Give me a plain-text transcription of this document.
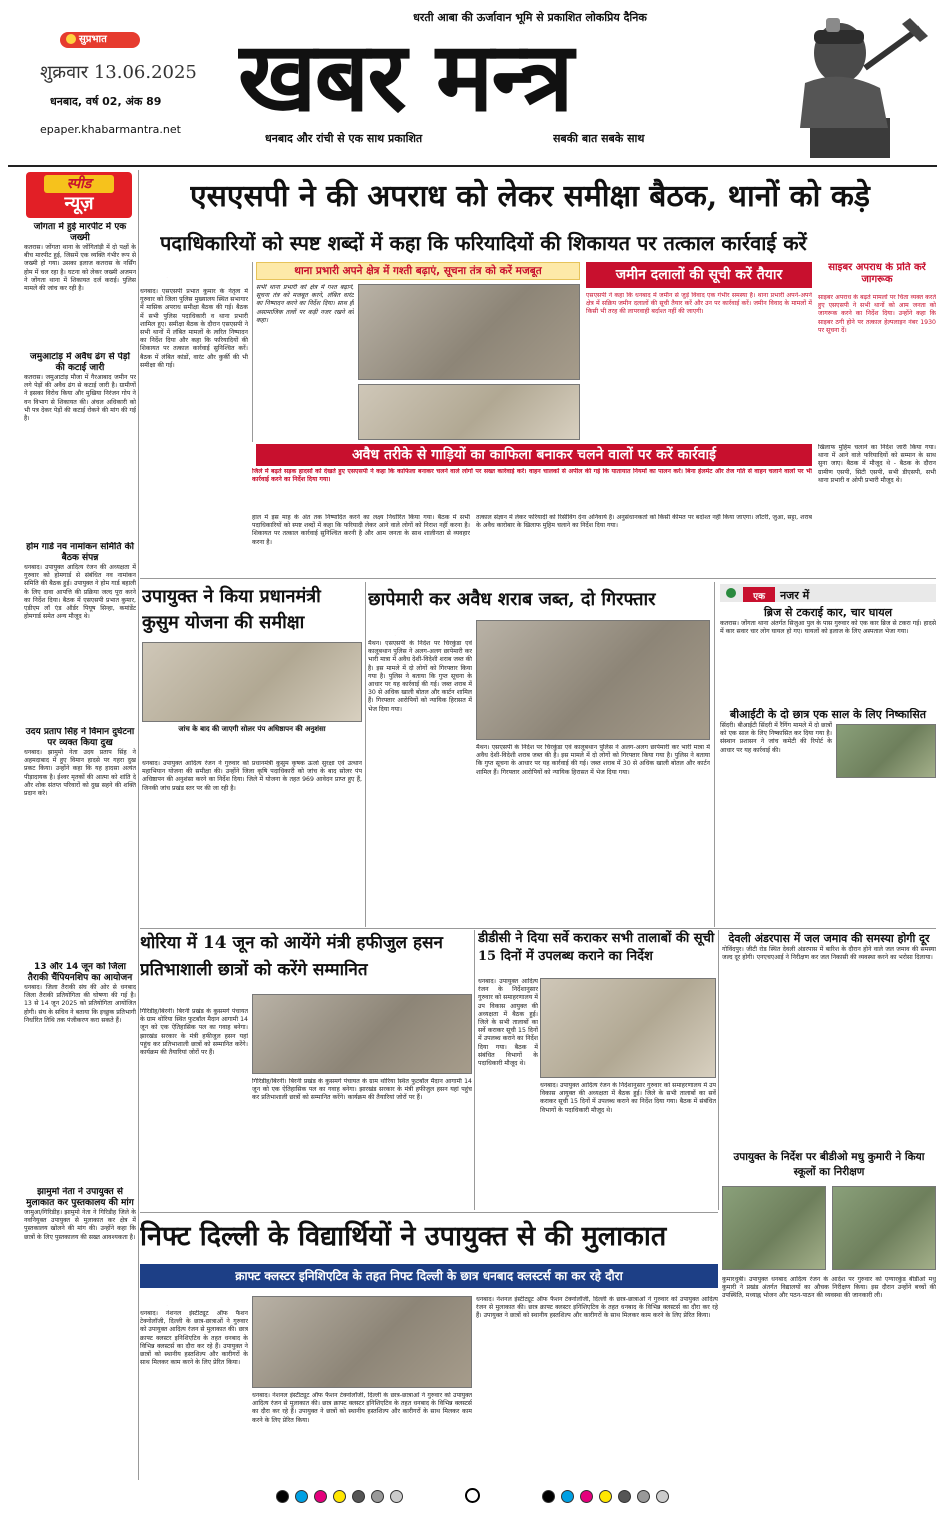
धरती आबा की ऊर्जावान भूमि से प्रकाशित लोकप्रिय दैनिक
सुप्रभात
शुक्रवार 13.06.2025
धनबाद, वर्ष 02, अंक 89
epaper.khabarmantra.net खबर मन्त्र
धनबाद और रांची से एक साथ प्रकाशित	सबकी बात सबके साथ
स्पीड
न्यूज़
जोंगता में हुई मारपीट में एक जख्मी
कतरास। जोंगता थाना के जोंगितांड़ी में दो पक्षों के बीच मारपीट हुई, जिसमें एक व्यक्ति गंभीर रूप से जख्मी हो गया। उसका इलाज कतरास के नर्सिंग होम में चल रहा है। घटना को लेकर जख्मी अजमन ने जोंगता थाना में शिकायत दर्ज कराई। पुलिस मामले की जांच कर रही है।
जमुआटांड़ में अवैध ढंग से पेड़ों की कटाई जारी
कतरास। जमुआटांड़ मौजा में गैरआबाद जमीन पर लगे पेड़ों की अवैध ढंग से कटाई जारी है। ग्रामीणों ने इसका विरोध किया और मुखिया निरंजन गोप ने वन विभाग से शिकायत की। अंचल अधिकारी को भी पत्र देकर पेड़ों की कटाई रोकने की मांग की गई है।
होम गार्ड नव नामांकन समिति की बैठक संपन्न
धनबाद। उपायुक्त आदित्य रंजन की अध्यक्षता में गुरुवार को होमगार्ड से संबंधित नव नामांकन समिति की बैठक हुई। उपायुक्त ने होम गार्ड बहाली के लिए दावा आपत्ति की प्रक्रिया जल्द पूरा करने का निर्देश दिया। बैठक में एसएसपी प्रभात कुमार, एडीएम लॉ एंड ऑर्डर पियूष सिन्हा, कमांडेंट होमगार्ड समेत अन्य मौजूद थे।
उदय प्रताप सिंह ने विमान दुर्घटना पर व्यक्त किया दुख
धनबाद। झामुमो नेता उदय प्रताप सिंह ने अहमदाबाद में हुए विमान हादसे पर गहरा दुख प्रकट किया। उन्होंने कहा कि यह हादसा अत्यंत पीड़ादायक है। ईश्वर मृतकों की आत्मा को शांति दे और शोक संतप्त परिवारों को दुख सहने की शक्ति प्रदान करे।
13 और 14 जून को जिला तैराकी चैंपियनशिप का आयोजन
धनबाद। जिला तैराकी संघ की ओर से धनबाद जिला तैराकी प्रतियोगिता की घोषणा की गई है। 13 से 14 जून 2025 को प्रतियोगिता आयोजित होगी। संघ के सचिव ने बताया कि इच्छुक प्रतिभागी निर्धारित तिथि तक पंजीकरण करा सकते हैं।
झामुमो नेता ने उपायुक्त से मुलाकात कर पुस्तकालय की मांग
जामुआ/गिरिडीह। झामुमो नेता ने गिरिडीह जिले के नवनियुक्त उपायुक्त से मुलाकात कर क्षेत्र में पुस्तकालय खोलने की मांग की। उन्होंने कहा कि छात्रों के लिए पुस्तकालय की सख्त आवश्यकता है।
एसएसपी ने की अपराध को लेकर समीक्षा बैठक, थानों को कड़े
पदाधिकारियों को स्पष्ट शब्दों में कहा कि फरियादियों की शिकायत पर तत्काल कार्रवाई करें
धनबाद। एसएसपी प्रभात कुमार के नेतृत्व में गुरुवार को जिला पुलिस मुख्यालय स्थित सभागार में मासिक अपराध समीक्षा बैठक की गई। बैठक में सभी पुलिस पदाधिकारी व थाना प्रभारी शामिल हुए। समीक्षा बैठक के दौरान एसएसपी ने सभी थानों में लंबित मामलों के त्वरित निष्पादन का निर्देश दिया और कहा कि फरियादियों की शिकायत पर तत्काल कार्रवाई सुनिश्चित करें। बैठक में लंबित कांडों, वारंट और कुर्की की भी समीक्षा की गई।
थाना प्रभारी अपने क्षेत्र में गश्ती बढ़ाएं, सूचना तंत्र को करें मजबूत
सभी थाना प्रभारी को क्षेत्र में गश्त बढ़ाने, सूचना तंत्र को मजबूत करने, लंबित वारंट का निष्पादन करने का निर्देश दिया। साथ ही असामाजिक तत्वों पर कड़ी नजर रखने को कहा।
जमीन दलालों की सूची करें तैयार
एसएसपी ने कहा कि धनबाद में जमीन से जुड़े विवाद एक गंभीर समस्या है। थाना प्रभारी अपने-अपने क्षेत्र में सक्रिय जमीन दलालों की सूची तैयार करें और उन पर कार्रवाई करें। जमीन विवाद के मामलों में किसी भी तरह की लापरवाही बर्दाश्त नहीं की जाएगी।
साइबर अपराध के प्रति करें जागरूक
साइबर अपराध के बढ़ते मामलों पर चिंता व्यक्त करते हुए एसएसपी ने सभी थानों को आम जनता को जागरूक करने का निर्देश दिया। उन्होंने कहा कि साइबर ठगी होने पर तत्काल हेल्पलाइन नंबर 1930 पर सूचना दें।
अवैध तरीके से गाड़ियों का काफिला बनाकर चलने वालों पर करें कार्रवाई
जिले में बढ़ते सड़क हादसों को देखते हुए एसएसपी ने कहा कि काफिला बनाकर चलने वाले लोगों पर सख्त कार्रवाई करें। वाहन चालकों से अपील की गई कि यातायात नियमों का पालन करें। बिना हेलमेट और तेज गति से वाहन चलाने वालों पर भी कार्रवाई करने का निर्देश दिया गया।
हाल में इस माह के अंत तक निष्पादित करने का लक्ष्य निर्धारित किया गया। बैठक में सभी पदाधिकारियों को स्पष्ट शब्दों में कहा कि फरियादी लेकर आने वाले लोगों को निराश नहीं करना है। शिकायत पर तत्काल कार्रवाई सुनिश्चित करनी है और आम जनता के साथ शालीनता से व्यवहार करना है।
तत्काल संज्ञान में लेकर फरियादी को रिसीविंग देना अनिवार्य है। अनुसंधानकर्ता को किसी कीमत पर बर्दाश्त नहीं किया जाएगा। लॉटरी, जुआ, सट्टा, शराब के अवैध कारोबार के खिलाफ मुहिम चलाने का निर्देश दिया गया।
खिलाफ मुहिम चलाने का निर्देश जारी किया गया। थाना में आने वाले फरियादियों को सम्मान के साथ सुना जाए। बैठक में मौजूद थे - बैठक के दौरान ग्रामीण एसपी, सिटी एसपी, सभी डीएसपी, सभी थाना प्रभारी व ओपी प्रभारी मौजूद थे।
उपायुक्त ने किया प्रधानमंत्री कुसुम योजना की समीक्षा
जांच के बाद की जाएगी सोलर पंप अधिष्ठापन की अनुशंसा
धनबाद। उपायुक्त आदित्य रंजन ने गुरुवार को प्रधानमंत्री कुसुम कृषक ऊर्जा सुरक्षा एवं उत्थान महाभियान योजना की समीक्षा की। उन्होंने जिला कृषि पदाधिकारी को जांच के बाद सोलर पंप अधिष्ठापन की अनुशंसा करने का निर्देश दिया। जिले में योजना के तहत 969 आवेदन प्राप्त हुए हैं, जिनकी जांच प्रखंड स्तर पर की जा रही है।
छापेमारी कर अवैध शराब जब्त, दो गिरफ्तार
मैथन। एसएसपी के निर्देश पर चिरकुंडा एवं कालूबथान पुलिस ने अलग-अलग छापेमारी कर भारी मात्रा में अवैध देशी-विदेशी शराब जब्त की है। इस मामले में दो लोगों को गिरफ्तार किया गया है। पुलिस ने बताया कि गुप्त सूचना के आधार पर यह कार्रवाई की गई। जब्त शराब में 30 से अधिक खाली बोतल और कार्टन शामिल हैं। गिरफ्तार आरोपियों को न्यायिक हिरासत में भेज दिया गया।
मैथन। एसएसपी के निर्देश पर चिरकुंडा एवं कालूबथान पुलिस ने अलग-अलग छापेमारी कर भारी मात्रा में अवैध देशी-विदेशी शराब जब्त की है। इस मामले में दो लोगों को गिरफ्तार किया गया है। पुलिस ने बताया कि गुप्त सूचना के आधार पर यह कार्रवाई की गई। जब्त शराब में 30 से अधिक खाली बोतल और कार्टन शामिल हैं। गिरफ्तार आरोपियों को न्यायिक हिरासत में भेज दिया गया।
एक नजर में
ब्रिज से टकराई कार, चार घायल
कतरास। जोंगता थाना अंतर्गत सिजुआ पुल के पास गुरुवार को एक कार ब्रिज से टकरा गई। हादसे में कार सवार चार लोग घायल हो गए। घायलों को इलाज के लिए अस्पताल भेजा गया।
बीआईटी के दो छात्र एक साल के लिए निष्कासित
सिंदरी। बीआईटी सिंदरी में रैगिंग मामले में दो छात्रों को एक साल के लिए निष्कासित कर दिया गया है। संस्थान प्रशासन ने जांच कमेटी की रिपोर्ट के आधार पर यह कार्रवाई की।
थोरिया में 14 जून को आयेंगे मंत्री हफीजुल हसन प्रतिभाशाली छात्रों को करेंगे सम्मानित
गिरिडीह/बिरनी। बिरनी प्रखंड के कुसमर्ग पंचायत के ग्राम थोरिया स्थित फुटबॉल मैदान आगामी 14 जून को एक ऐतिहासिक पल का गवाह बनेगा। झारखंड सरकार के मंत्री हफीजुल हसन यहां पहुंच कर प्रतिभाशाली छात्रों को सम्मानित करेंगे। कार्यक्रम की तैयारियां जोरों पर हैं।
गिरिडीह/बिरनी। बिरनी प्रखंड के कुसमर्ग पंचायत के ग्राम थोरिया स्थित फुटबॉल मैदान आगामी 14 जून को एक ऐतिहासिक पल का गवाह बनेगा। झारखंड सरकार के मंत्री हफीजुल हसन यहां पहुंच कर प्रतिभाशाली छात्रों को सम्मानित करेंगे। कार्यक्रम की तैयारियां जोरों पर हैं।
डीडीसी ने दिया सर्वे कराकर सभी तालाबों की सूची 15 दिनों में उपलब्ध कराने का निर्देश
धनबाद। उपायुक्त आदित्य रंजन के निर्देशानुसार गुरुवार को समाहरणालय में उप विकास आयुक्त की अध्यक्षता में बैठक हुई। जिले के सभी तालाबों का सर्वे कराकर सूची 15 दिनों में उपलब्ध कराने का निर्देश दिया गया। बैठक में संबंधित विभागों के पदाधिकारी मौजूद थे।
धनबाद। उपायुक्त आदित्य रंजन के निर्देशानुसार गुरुवार को समाहरणालय में उप विकास आयुक्त की अध्यक्षता में बैठक हुई। जिले के सभी तालाबों का सर्वे कराकर सूची 15 दिनों में उपलब्ध कराने का निर्देश दिया गया। बैठक में संबंधित विभागों के पदाधिकारी मौजूद थे।
देवली अंडरपास में जल जमाव की समस्या होगी दूर
गोविंदपुर। जीटी रोड स्थित देवली अंडरपास में बारिश के दौरान होने वाले जल जमाव की समस्या जल्द दूर होगी। एनएचएआई ने निरीक्षण कर जल निकासी की व्यवस्था करने का भरोसा दिलाया।
उपायुक्त के निर्देश पर बीडीओ मधु कुमारी ने किया स्कूलों का निरीक्षण
कुमारधुबी। उपायुक्त धनबाद आदित्य रंजन के आदेश पर गुरुवार को एग्यारकुंड बीडीओ मधु कुमारी ने प्रखंड अंतर्गत विद्यालयों का औचक निरीक्षण किया। इस दौरान उन्होंने बच्चों की उपस्थिति, मध्याह्न भोजन और पठन-पाठन की व्यवस्था की जानकारी ली।
निफ्ट दिल्ली के विद्यार्थियों ने उपायुक्त से की मुलाकात
क्राफ्ट क्लस्टर इनिशिएटिव के तहत निफ्ट दिल्ली के छात्र धनबाद क्लस्टर्स का कर रहे दौरा
धनबाद। नेशनल इंस्टीट्यूट ऑफ फैशन टेक्नोलॉजी, दिल्ली के छात्र-छात्राओं ने गुरुवार को उपायुक्त आदित्य रंजन से मुलाकात की। छात्र क्राफ्ट क्लस्टर इनिशिएटिव के तहत धनबाद के विभिन्न क्लस्टर्स का दौरा कर रहे हैं। उपायुक्त ने छात्रों को स्थानीय हस्तशिल्प और कारीगरों के साथ मिलकर काम करने के लिए प्रेरित किया।
धनबाद। नेशनल इंस्टीट्यूट ऑफ फैशन टेक्नोलॉजी, दिल्ली के छात्र-छात्राओं ने गुरुवार को उपायुक्त आदित्य रंजन से मुलाकात की। छात्र क्राफ्ट क्लस्टर इनिशिएटिव के तहत धनबाद के विभिन्न क्लस्टर्स का दौरा कर रहे हैं। उपायुक्त ने छात्रों को स्थानीय हस्तशिल्प और कारीगरों के साथ मिलकर काम करने के लिए प्रेरित किया।
धनबाद। नेशनल इंस्टीट्यूट ऑफ फैशन टेक्नोलॉजी, दिल्ली के छात्र-छात्राओं ने गुरुवार को उपायुक्त आदित्य रंजन से मुलाकात की। छात्र क्राफ्ट क्लस्टर इनिशिएटिव के तहत धनबाद के विभिन्न क्लस्टर्स का दौरा कर रहे हैं। उपायुक्त ने छात्रों को स्थानीय हस्तशिल्प और कारीगरों के साथ मिलकर काम करने के लिए प्रेरित किया।
